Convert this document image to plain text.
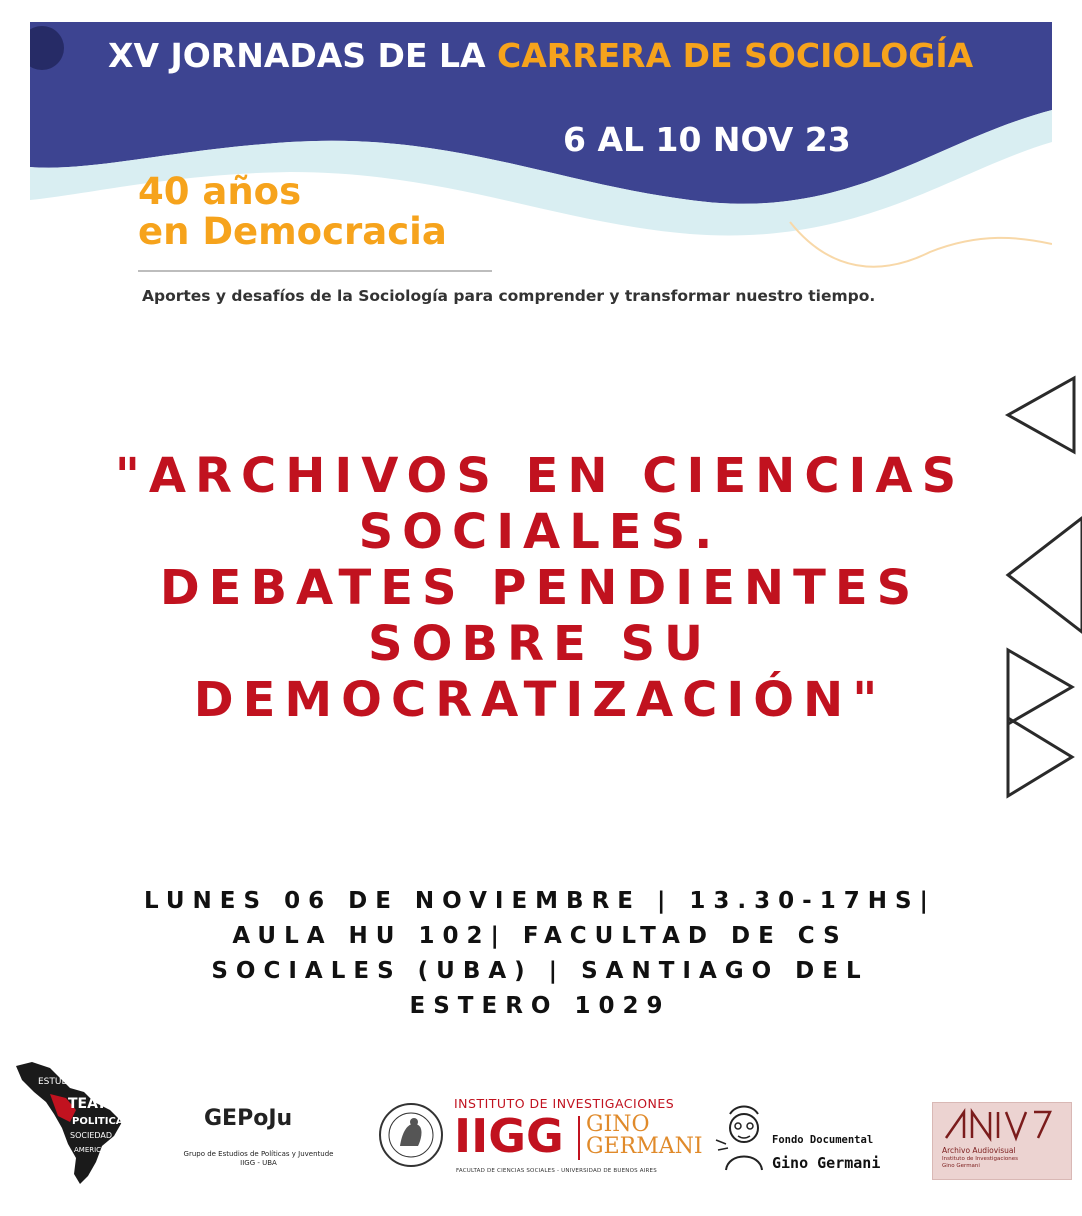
XV JORNADAS DE LA CARRERA DE SOCIOLOGÍA
6 AL 10 NOV 23
40 años
en Democracia
Aportes y desafíos de la Sociología para comprender y transformar nuestro tiempo.
"ARCHIVOS EN CIENCIAS
SOCIALES.
DEBATES PENDIENTES
SOBRE SU
DEMOCRATIZACIÓN"
LUNES 06 DE NOVIEMBRE | 13.30-17HS|
AULA HU 102| FACULTAD DE CS
SOCIALES (UBA) | SANTIAGO DEL
ESTERO 1029
ESTUDIOS
TEATRO
POLITICA
SOCIEDAD
AMERICA
GEPoJu
Grupo de Estudios de Políticas y Juventude
IIGG - UBA
INSTITUTO DE INVESTIGACIONES
IIGG GINO
GERMANI
FACULTAD DE CIENCIAS SOCIALES - UNIVERSIDAD DE BUENOS AIRES
Fondo Documental
Gino Germani
Archivo Audiovisual
Instituto de Investigaciones
Gino Germani
